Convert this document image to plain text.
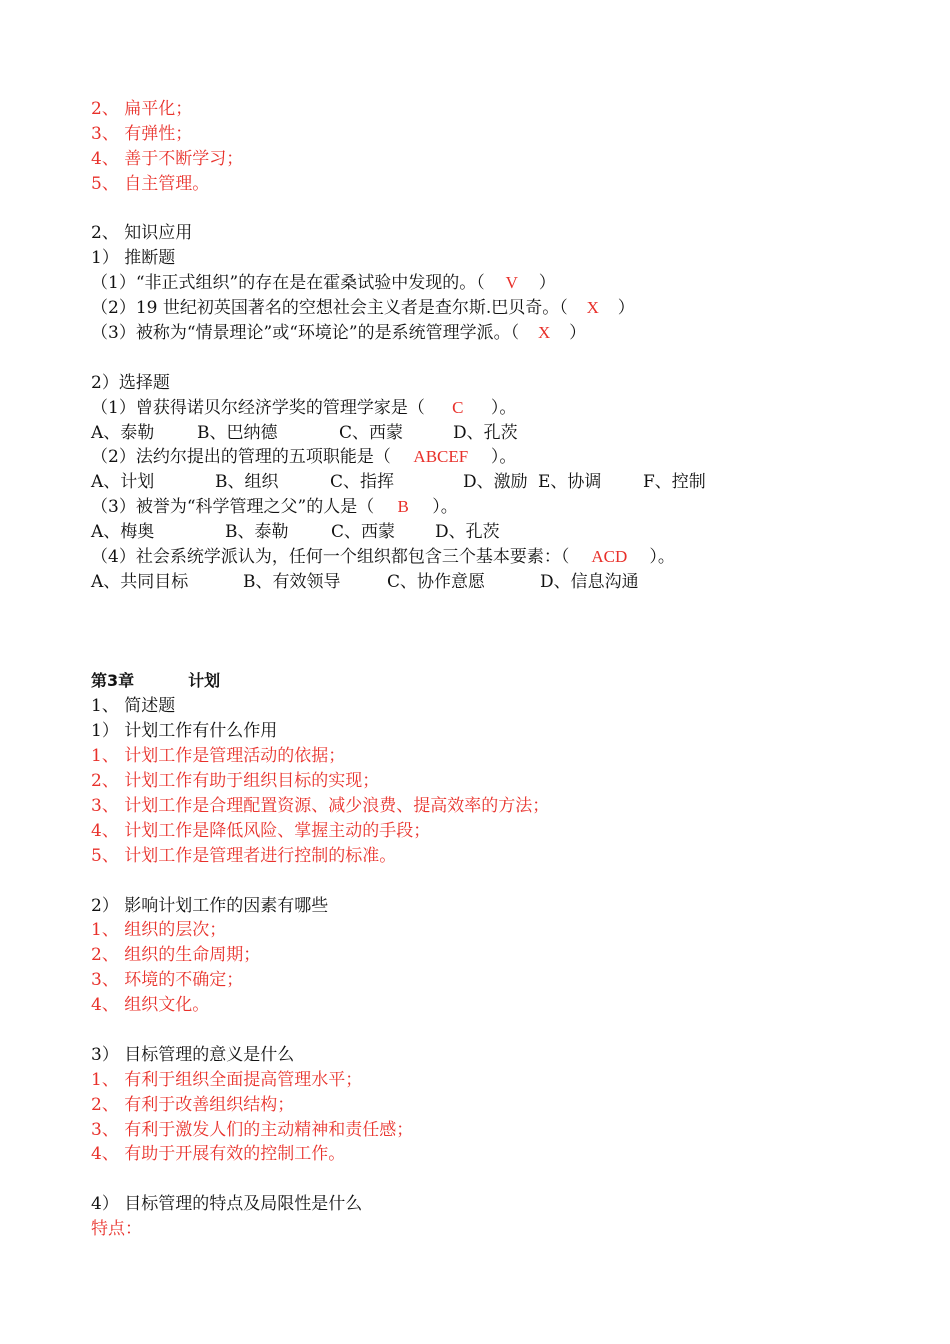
2、 扁平化；
3、 有弹性；
4、 善于不断学习；
5、 自主管理。
2、 知识应用
1） 推断题
（1）“非正式组织”的存在是在霍桑试验中发现的。（ V ）
（2）19 世纪初英国著名的空想社会主义者是查尔斯.巴贝奇。（ X ）
（3）被称为“情景理论”或“环境论”的是系统管理学派。（ X ）
2）选择题
（1）曾获得诺贝尔经济学奖的管理学家是（ C ）。
A、泰勒	B、巴纳德	C、西蒙	D、孔茨
（2）法约尔提出的管理的五项职能是（ ABCEF ）。
A、计划	B、组织	C、指挥	D、激励 E、协调 F、控制
（3）被誉为“科学管理之父”的人是（ B ）。
A、梅奥	B、泰勒	C、西蒙 D、孔茨
（4）社会系统学派认为，任何一个组织都包含三个基本要素：（ ACD ）。
A、共同目标	B、有效领导	C、协作意愿	D、信息沟通
第3章	计划
1、 简述题
1） 计划工作有什么作用
1、 计划工作是管理活动的依据；
2、 计划工作有助于组织目标的实现；
3、 计划工作是合理配置资源、减少浪费、提高效率的方法；
4、 计划工作是降低风险、掌握主动的手段；
5、 计划工作是管理者进行控制的标准。
2） 影响计划工作的因素有哪些
1、 组织的层次；
2、 组织的生命周期；
3、 环境的不确定；
4、 组织文化。
3） 目标管理的意义是什么
1、 有利于组织全面提高管理水平；
2、 有利于改善组织结构；
3、 有利于激发人们的主动精神和责任感；
4、 有助于开展有效的控制工作。
4） 目标管理的特点及局限性是什么
特点：
